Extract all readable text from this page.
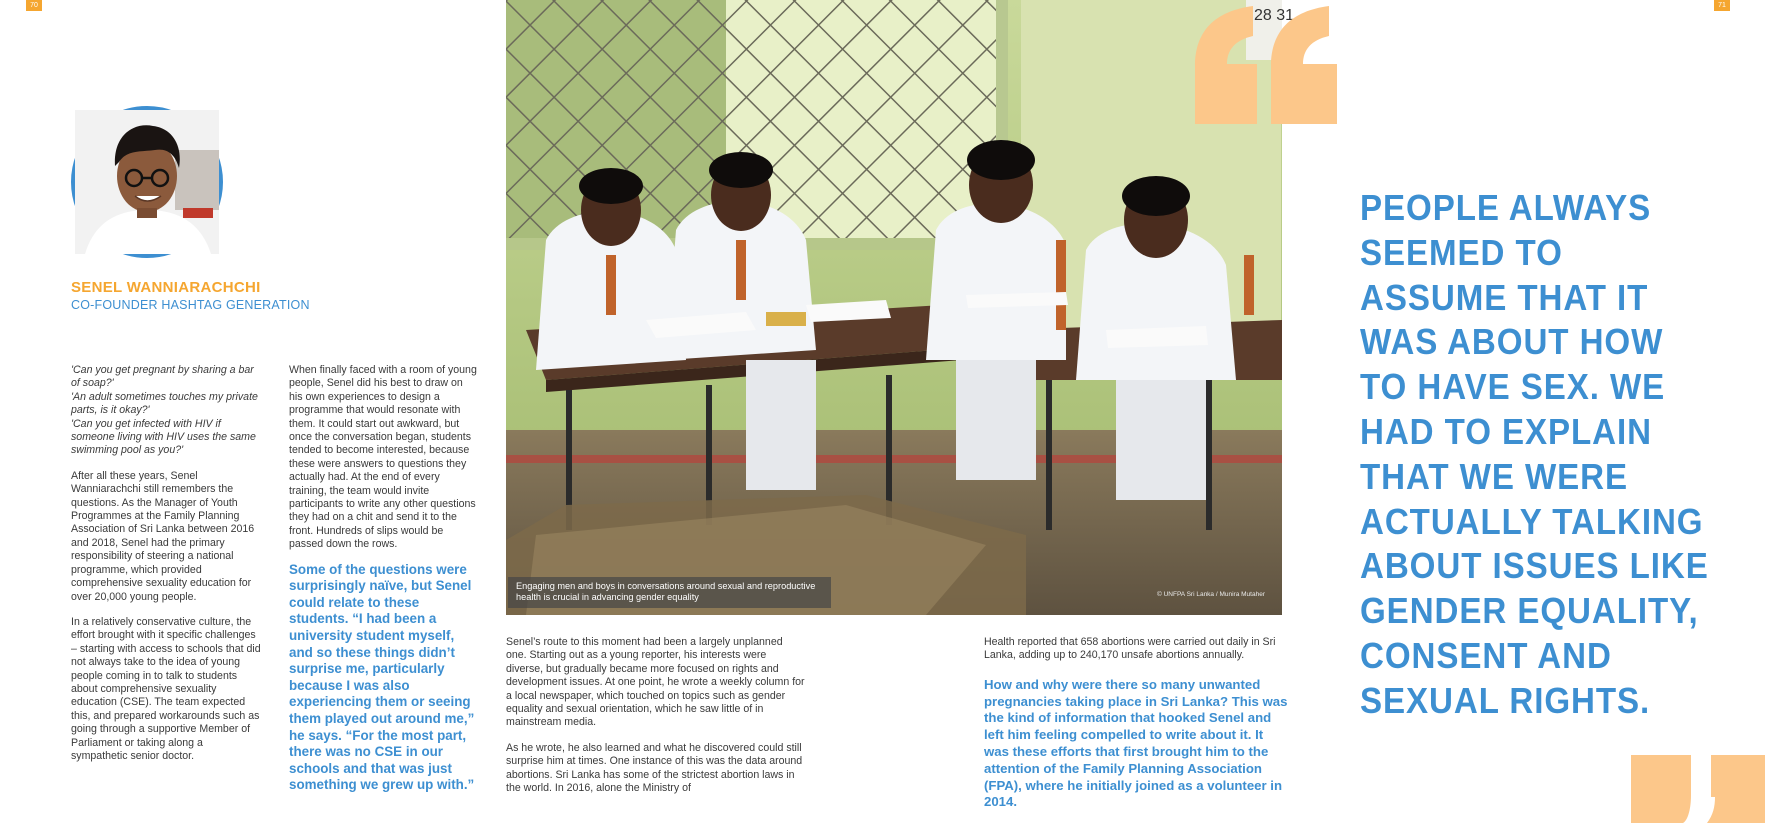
70	71
SENEL WANNIARACHCHI
CO-FOUNDER HASHTAG GENERATION

'Can you get pregnant by sharing a bar of soap?'
'An adult sometimes touches my private parts, is it okay?'
'Can you get infected with HIV if someone living with HIV uses the same swimming pool as you?'

After all these years, Senel Wanniarachchi still remembers the questions. As the Manager of Youth Programmes at the Family Planning Association of Sri Lanka between 2016 and 2018, Senel had the primary responsibility of steering a national programme, which provided comprehensive sexuality education for over 20,000 young people.

In a relatively conservative culture, the effort brought with it specific challenges – starting with access to schools that did not always take to the idea of young people coming in to talk to students about comprehensive sexuality education (CSE). The team expected this, and prepared workarounds such as going through a supportive Member of Parliament or taking along a sympathetic senior doctor.

When finally faced with a room of young people, Senel did his best to draw on his own experiences to design a programme that would resonate with them. It could start out awkward, but once the conversation began, students tended to become interested, because these were answers to questions they actually had. At the end of every training, the team would invite participants to write any other questions they had on a chit and send it to the front. Hundreds of slips would be passed down the rows.

Some of the questions were surprisingly naïve, but Senel could relate to these students. “I had been a university student myself, and so these things didn’t surprise me, particularly because I was also experiencing them or seeing them played out around me,” he says. “For the most part, there was no CSE in our schools and that was just something we grew up with.”

28 31
Engaging men and boys in conversations around sexual and reproductive health is crucial in advancing gender equality	© UNFPA Sri Lanka / Munira Mutaher

Senel’s route to this moment had been a largely unplanned one. Starting out as a young reporter, his interests were diverse, but gradually became more focused on rights and development issues. At one point, he wrote a weekly column for a local newspaper, which touched on topics such as gender equality and sexual orientation, which he saw little of in mainstream media.

As he wrote, he also learned and what he discovered could still surprise him at times. One instance of this was the data around abortions. Sri Lanka has some of the strictest abortion laws in the world. In 2016, alone the Ministry of

Health reported that 658 abortions were carried out daily in Sri Lanka, adding up to 240,170 unsafe abortions annually.

How and why were there so many unwanted pregnancies taking place in Sri Lanka? This was the kind of information that hooked Senel and left him feeling compelled to write about it. It was these efforts that first brought him to the attention of the Family Planning Association (FPA), where he initially joined as a volunteer in 2014.

PEOPLE ALWAYS SEEMED TO ASSUME THAT IT WAS ABOUT HOW TO HAVE SEX. WE HAD TO EXPLAIN THAT WE WERE ACTUALLY TALKING ABOUT ISSUES LIKE GENDER EQUALITY, CONSENT AND SEXUAL RIGHTS.
